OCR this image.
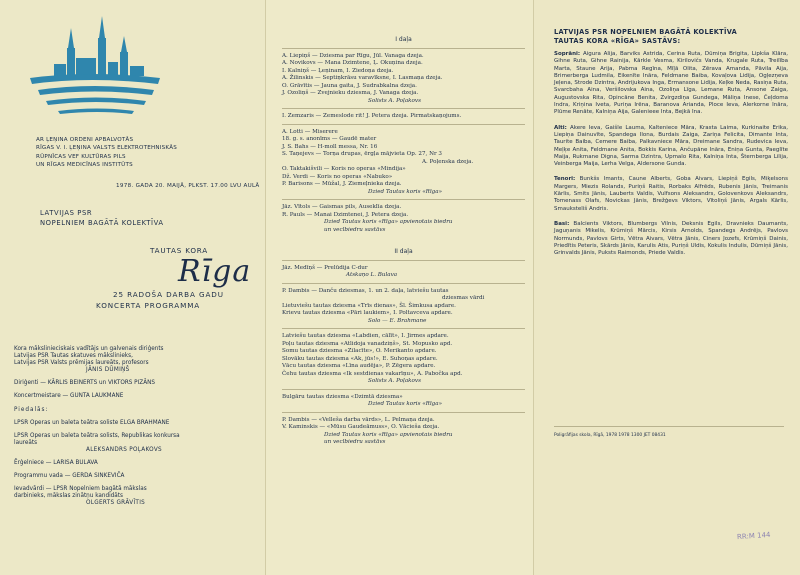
AR ĻEŅINA ORDENI APBALVOTĀS
RĪGAS V. I. ĻEŅINA VALSTS ELEKTROTEHNISKĀS
RŪPNĪCAS VEF KULTŪRAS PILS
UN RĪGAS MEDICĪNAS INSTITŪTS
1978. GADA 20. MAIJĀ, PLKST. 17.00 LVU AULĀ
LATVIJAS PSR
NOPELNIEM BAGĀTĀ KOLEKTĪVA
TAUTAS KORA
Rīga
25 RADOŠA DARBA GADU
KONCERTA PROGRAMMA

Kora mākslinieciskais vadītājs un galvenais diriģents

Latvijas PSR Tautas skatuves mākslinieks,

Latvijas PSR Valsts prēmijas laureāts, profesors

JĀNIS DŪMIŅŠ

Diriģenti — KĀRLIS BEINERTS un VIKTORS PIZĀNS

Koncertmeistare — GUNTA LAUKMANE

Piedalās:

LPSR Operas un baleta teātra soliste ELGA BRAHMANE

LPSR Operas un baleta teātra solists, Republikas konkursa

laureāts

ALEKSANDRS POĻAKOVS

Ērģelniece — LARISA BULAVA

Programmu vada — GERDA SINKEVIČA

Ievadvārdi — LPSR Nopelniem bagātā mākslas

darbinieks, mākslas zinātņu kandidāts

OLGERTS GRĀVĪTIS

I daļa

A. Liepiņš — Dziesma par Rīgu, Jūl. Vanaga dzeja.

A. Novikovs — Mana Dzimtene, Ļ. Okuņina dzeja.

I. Kalniņš — Ļeņinam, I. Ziedoņa dzeja.

A. Žilinskis — Septiņkrāsu varavīksne, I. Lasmaņa dzeja.

O. Grāvītis — Jauna gaita, J. Sudrabkalna dzeja.

J. Ozoliņš — Zvejnieku dziesma, J. Vanaga dzeja.

Solists A. Poļakovs

I. Zemzaris — Zemeslode rit! J. Petera dzeja. Pirmatskaņojums.

A. Lotti — Miserere

18. g. s. anonīms — Gaudē mater

J. S. Bahs — H-moll messa, Nr. 16

S. Taņejevs — Torņa drupas, ērgļa mājvieta Op. 27, Nr 3

A. Poļenska dzeja.

O. Taktakišvili — Koris no operas «Mindija»

Dž. Verdi — Koris no operas «Nabuko»

P. Barisons — Mūžal, J. Ziemeļnieka dzeja.

Dzied Tautas koris «Rīga»

Jāz. Vītols — Gaismas pils, Auseklīa dzeja.

R. Pauls — Manai Dzimtenei, J. Petera dzeja.

Dzied Tautas koris «Rīga» apvienotais biedru

un veclbiedru sastāvs

II daļa

Jāz. Medīņš — Prelūdija C-dur

Atskaņo L. Bulava

P. Dambis — Danču dziesmas, 1. un 2. daļa, latviešu tautas

dziesmas vārdi

Lietuviešu tautas dziesma «Trīs dienas», Šl. Šimkusa apdare.

Krievu tautas dziesma «Pāri laukiem», I. Poltavceva apdare.

Solo — E. Brahmane

Latviešu tautas dziesma «Labdien, cālīt», I. Jirmes apdare.

Poļu tautas dziesma «Atlidoja vanadziņš», St. Mopusko apd.

Somu tautas dziesma «Zilacīte», O. Merikanto apdare.

Slovāku tautas dziesma «Ak, jūs!», E. Suhoņas apdare.

Vācu tautas dziesma «Līna audēja», P. Zēgera apdare.

Čehu tautas dziesma «Ik sestdienas vakarīņu», A. Pabočka apd.

Solists A. Poļakovs

Bulgāru tautas dziesma «Dzimtā dziesma»

Dzied Tautas koris «Rīga»

P. Dambis — «Velleša darba vārds», L. Pelmaņa dzeja.

V. Kaminskis — «Mūsu Gaudeāmuss», O. Vācieša dzeja.

Dzied Tautas koris «Rīga» apvienotais biedru

un veclbiedru sastāvs

LATVIJAS PSR NOPELNIEM BAGĀTĀ KOLEKTĪVA
TAUTAS KORA «RĪGA» SASTĀVS:

Soprāni: Aigura Alija, Barviks Astrida, Cerina Ruta, Dūmiņa Brigita, Lipkša Klāra, Gihne Ruta, Gihne Rainija, Kārkle Vesma, Kirilovičs Vanda, Krugale Ruta, Treilība Marta, Staune Arija, Pabma Regīna, Mīļā Olita, Zērava Amanda, Pāvila Aija, Brimerberga Ludmila, Eikenīte Ināra, Feldmane Baiba, Kovaļova Lidija, Ogļezņeva Jeļena, Strode Dzintra, Andrijukova Inga, Ermansone Lidija, Keļke Neda, Rasiņa Ruta, Svarcbaha Aina, Veršilovska Aina, Ozoliņa Līga, Lemane Ruta, Ansone Zaiga, Augustovska Rita, Opincāne Benita, Zvirgzdiņa Gundega, Māliņa Inese, Čeļdoma Indra, Kriņina Iveta, Puriņa Irēna, Baranova Arianda, Ploce Ieva, Alerkorne Ināra, Plūme Renāte, Kalniņa Aija, Galenieee Inta, Bejkā Ina.

Alti: Akere Ieva, Gaišle Lauma, Kalteniece Māra, Krasta Laima, Kurkinaite Erika, Liepiņa Dainuvīte, Spandega Ilona, Burdais Zaiga, Zariņa Felicita, Dimante Inta, Taurite Baiba, Cemere Baiba, Palkavniece Māra, Dreimane Sandra, Rudevica Ieva, Meļķe Anita, Feldmane Anita, Bokkis Karina, Ančupāne Ināra, Eniņa Gunta, Paeglīte Maija, Rukmane Digna, Sarma Dzintra, Upmalo Rita, Kalniņa Inta, Šternberga Lilija, Veinberga Maija, Lerha Velga, Aldersone Gunda.

Tenori: Bunkšs Imants, Caune Alberts, Goba Aivars, Liepiņš Egils, Miķelsons Margers, Miezis Rolands, Puriņš Raitis, Rorbaks Alfrēds, Rubenis Jānis, Treimanis Kārlis, Smits Jānis, Lauberts Valdis, Vulfsons Aleksandrs, Golovenkovs Aleksandrs, Tomenass Olafs, Novickas Jānis, Brežģevs Viktors, Vītoliņš Jānis, Argals Kārlis, Smauksteliš Andris.

Basi: Balcients Viktors, Blumbergs Vilnis, Deksnis Egils, Dravnieks Daumants, Jaguņanis Mikelis, Krūmiņš Mārcis, Kirsis Arnolds, Spandegs Andrējs, Pavlovs Normunds, Pavlovs Girts, Vētra Aivars, Vētra Jānis, Ciners Jozefs, Krūmiņš Dainis, Priedītis Peteris, Skārds Jānis, Karulis Atis, Puriņš Uldis, Kokulis Indulis, Dūmiņš Jānis, Grinvalds Jānis, Puksts Raimonds, Priede Valdis.

Poligrāfijas skola, Rīgā, 1978 1978 1300 JET 08431
RR:M 144
